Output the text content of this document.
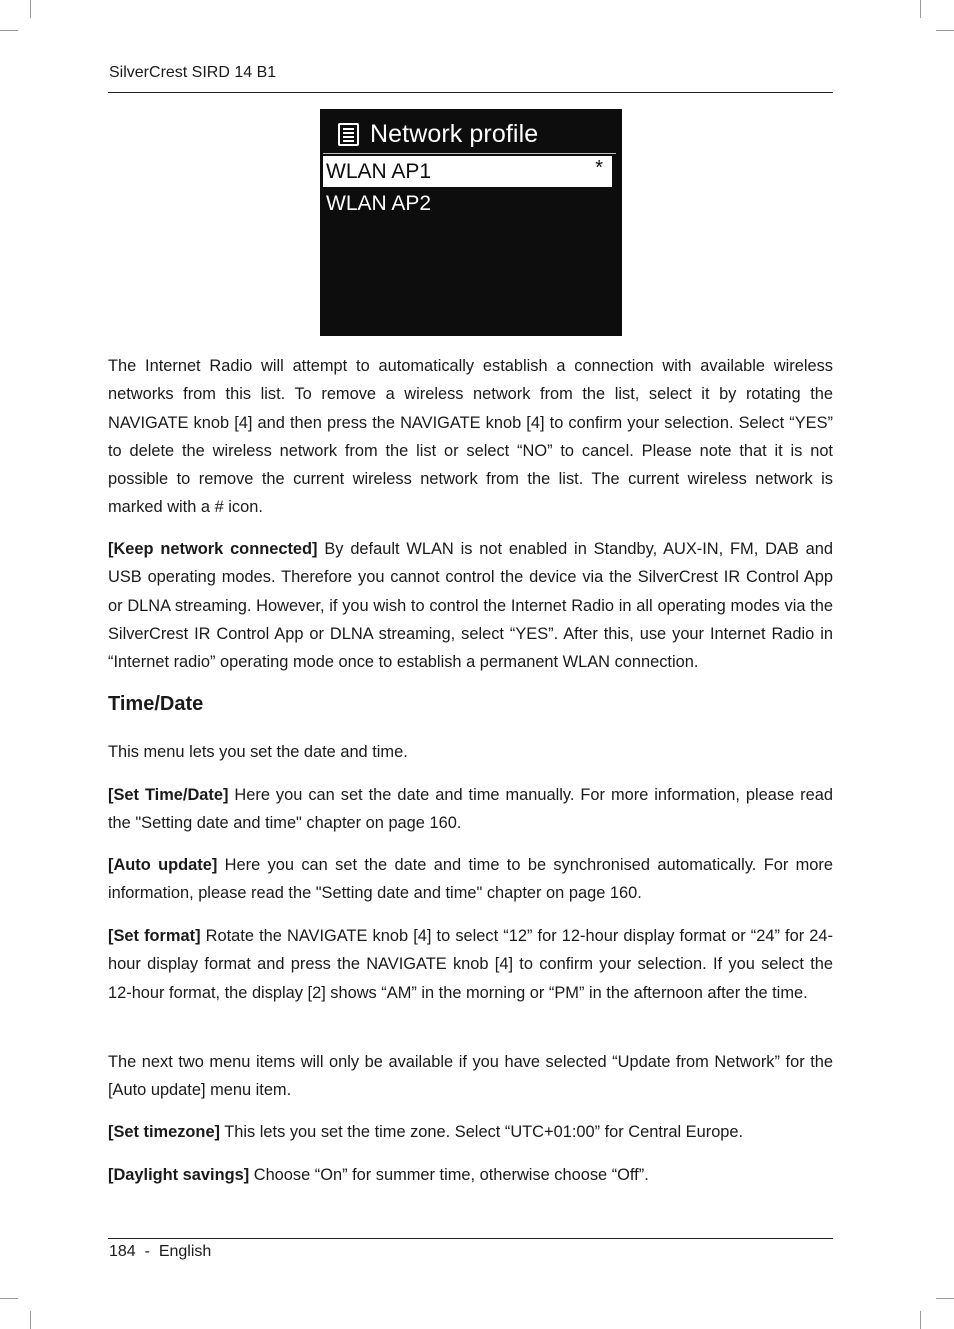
SilverCrest SIRD 14 B1
Network profile
WLAN AP1	*
WLAN AP2

The Internet Radio will attempt to automatically establish a connection with available wireless networks from this list. To remove a wireless network from the list, select it by rotating the NAVIGATE knob [4] and then press the NAVIGATE knob [4] to confirm your selection. Select “YES” to delete the wireless network from the list or select “NO” to cancel. Please note that it is not possible to remove the current wireless network from the list. The current wireless network is marked with a # icon.

[Keep network connected] By default WLAN is not enabled in Standby, AUX-IN, FM, DAB and USB operating modes. Therefore you cannot control the device via the SilverCrest IR Control App or DLNA streaming. However, if you wish to control the Internet Radio in all operating modes via the SilverCrest IR Control App or DLNA streaming, select “YES”. After this, use your Internet Radio in “Internet radio” operating mode once to establish a permanent WLAN connection.

Time/Date

This menu lets you set the date and time.

[Set Time/Date] Here you can set the date and time manually. For more information, please read the "Setting date and time" chapter on page 160.

[Auto update] Here you can set the date and time to be synchronised automatically. For more information, please read the "Setting date and time" chapter on page 160.

[Set format] Rotate the NAVIGATE knob [4] to select “12” for 12-hour display format or “24” for 24-hour display format and press the NAVIGATE knob [4] to confirm your selection. If you select the 12-hour format, the display [2] shows “AM” in the morning or “PM” in the afternoon after the time.

The next two menu items will only be available if you have selected “Update from Network” for the [Auto update] menu item.

[Set timezone] This lets you set the time zone. Select “UTC+01:00” for Central Europe.

[Daylight savings] Choose “On” for summer time, otherwise choose “Off”.

184 - English
